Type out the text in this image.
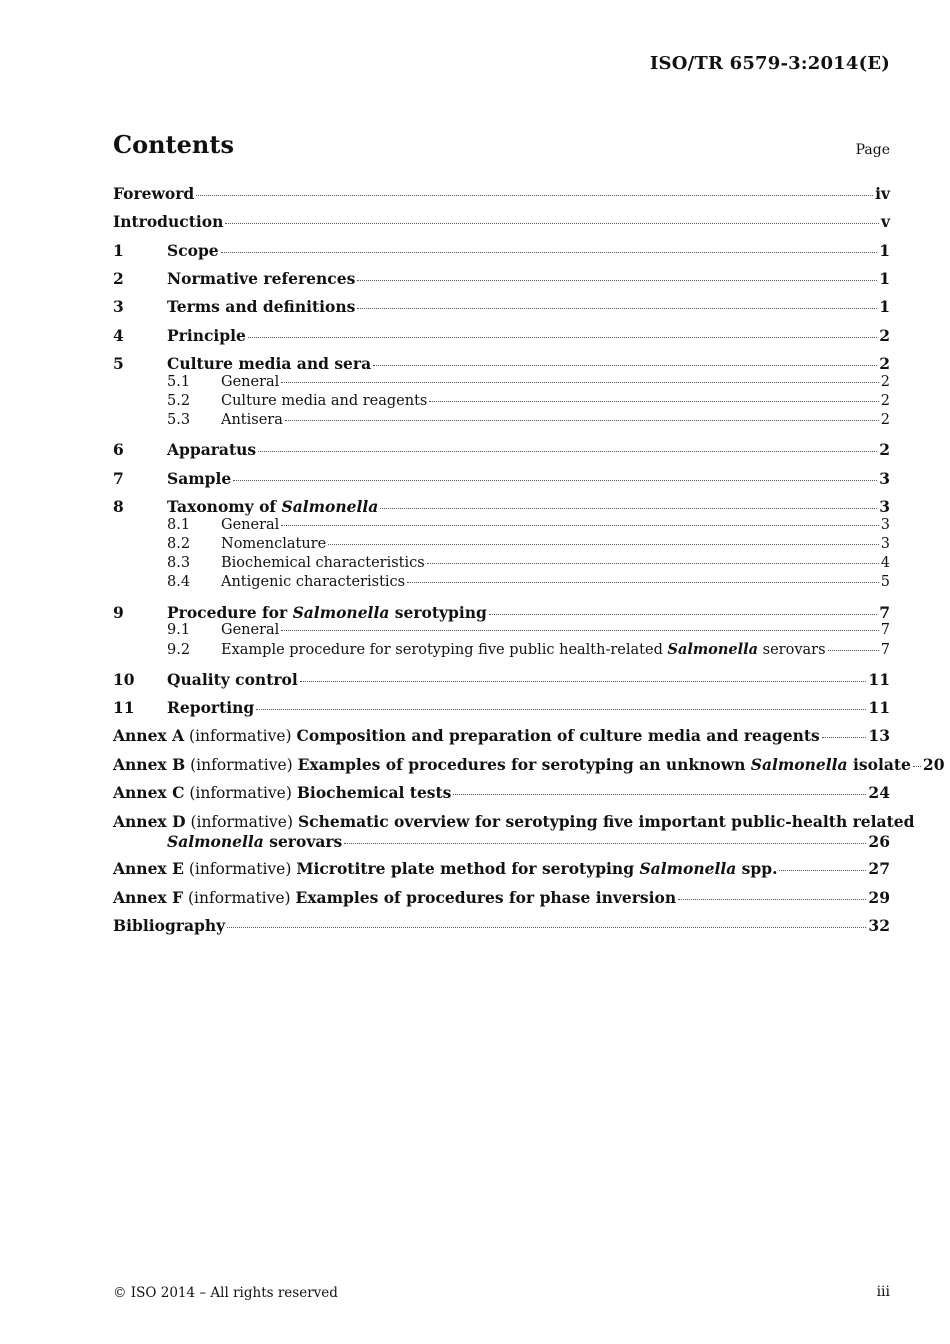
ISO/TR 6579-3:2014(E)
Contents	Page
Foreword	iv
Introduction	v
1	Scope	1
2	Normative references	1
3	Terms and definitions	1
4	Principle	2
5	Culture media and sera	2
5.1	General	2
5.2	Culture media and reagents	2
5.3	Antisera	2
6	Apparatus	2
7	Sample	3
8	Taxonomy of Salmonella	3
8.1	General	3
8.2	Nomenclature	3
8.3	Biochemical characteristics	4
8.4	Antigenic characteristics	5
9	Procedure for Salmonella serotyping	7
9.1	General	7
9.2	Example procedure for serotyping five public health-related Salmonella serovars	7
10	Quality control	11
11	Reporting	11
Annex A (informative) Composition and preparation of culture media and reagents	13
Annex B (informative) Examples of procedures for serotyping an unknown Salmonella isolate 20
Annex C (informative) Biochemical tests	24
Annex D (informative) Schematic overview for serotyping five important public-health related
Salmonella serovars	26
Annex E (informative) Microtitre plate method for serotyping Salmonella spp.	27
Annex F (informative) Examples of procedures for phase inversion	29
Bibliography	32
© ISO 2014 – All rights reserved	iii
